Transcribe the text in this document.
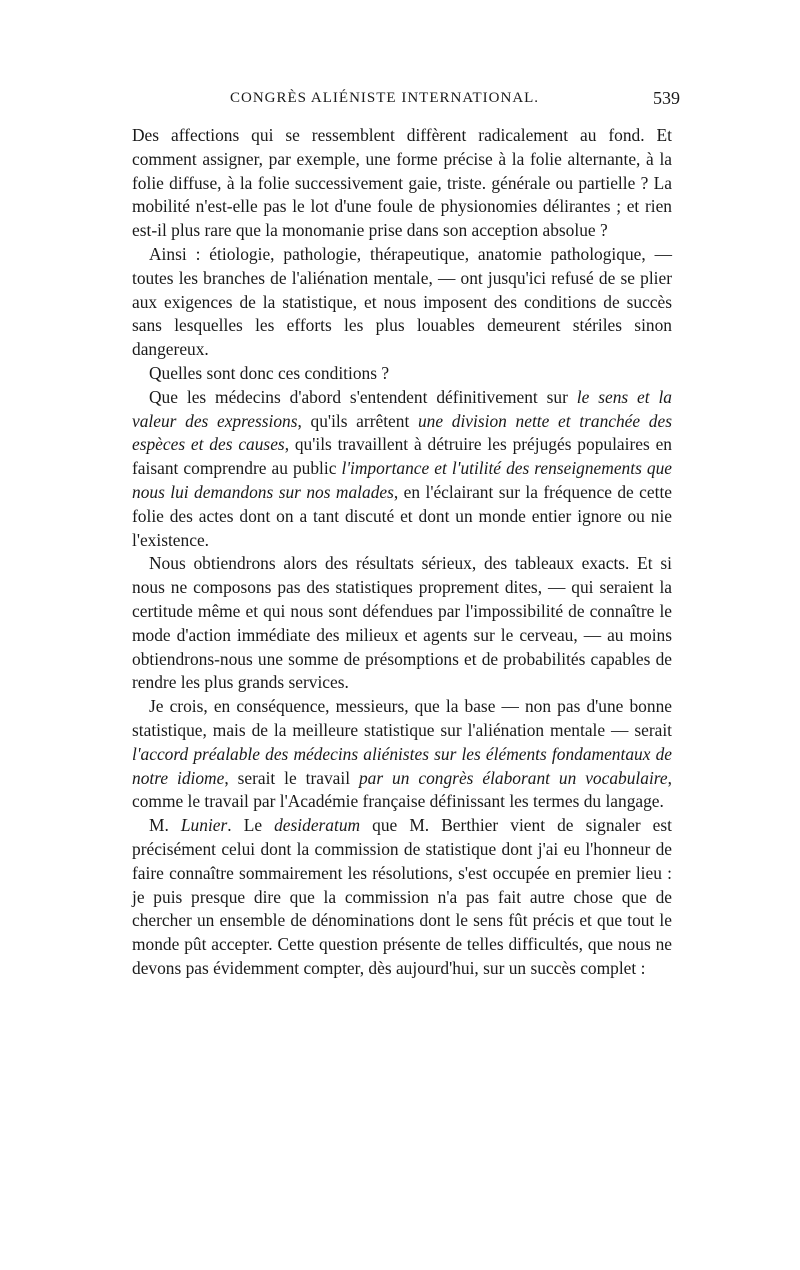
CONGRÈS ALIÉNISTE INTERNATIONAL.	539

Des affections qui se ressemblent diffèrent radicalement au fond. Et comment assigner, par exemple, une forme précise à la folie alternante, à la folie diffuse, à la folie successivement gaie, triste. générale ou partielle ? La mobilité n'est-elle pas le lot d'une foule de physionomies délirantes ; et rien est-il plus rare que la monomanie prise dans son acception absolue ?

Ainsi : étiologie, pathologie, thérapeutique, anatomie pathologique, — toutes les branches de l'aliénation mentale, — ont jusqu'ici refusé de se plier aux exigences de la statistique, et nous imposent des conditions de succès sans lesquelles les efforts les plus louables demeurent stériles sinon dangereux.

Quelles sont donc ces conditions ?

Que les médecins d'abord s'entendent définitivement sur le sens et la valeur des expressions, qu'ils arrêtent une division nette et tranchée des espèces et des causes, qu'ils travaillent à détruire les préjugés populaires en faisant comprendre au public l'importance et l'utilité des renseignements que nous lui demandons sur nos malades, en l'éclairant sur la fréquence de cette folie des actes dont on a tant discuté et dont un monde entier ignore ou nie l'existence.

Nous obtiendrons alors des résultats sérieux, des tableaux exacts. Et si nous ne composons pas des statistiques proprement dites, — qui seraient la certitude même et qui nous sont défendues par l'impossibilité de connaître le mode d'action immédiate des milieux et agents sur le cerveau, — au moins obtiendrons-nous une somme de présomptions et de probabilités capables de rendre les plus grands services.

Je crois, en conséquence, messieurs, que la base — non pas d'une bonne statistique, mais de la meilleure statistique sur l'aliénation mentale — serait l'accord préalable des médecins aliénistes sur les éléments fondamentaux de notre idiome, serait le travail par un congrès élaborant un vocabulaire, comme le travail par l'Académie française définissant les termes du langage.

M. Lunier. Le desideratum que M. Berthier vient de signaler est précisément celui dont la commission de statistique dont j'ai eu l'honneur de faire connaître sommairement les résolutions, s'est occupée en premier lieu : je puis presque dire que la commission n'a pas fait autre chose que de chercher un ensemble de dénominations dont le sens fût précis et que tout le monde pût accepter. Cette question présente de telles difficultés, que nous ne devons pas évidemment compter, dès aujourd'hui, sur un succès complet :
